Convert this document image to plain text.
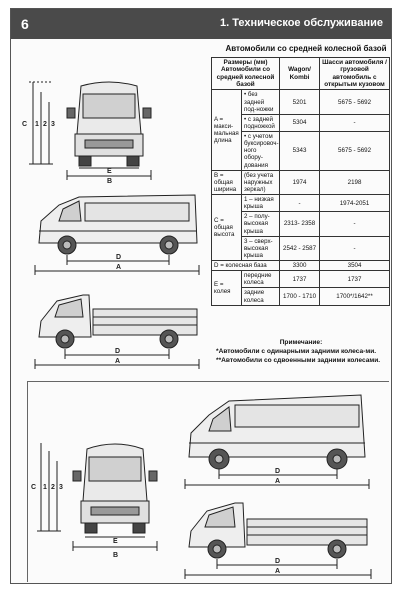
6	1. Техническое обслуживание
C 1 2 3
E
B
D
A
D
A
Автомобили со средней колесной базой
Размеры (мм) Автомобили со средней колесной базой		Wagon/ Kombi	Шасси автомобиля / грузовой автомобиль с открытым кузовом
A = макси-мальная длина	• без задней под-ножки	5201	5675 - 5692
	• с задней подножкой	5304	-
	• с учетом буксировоч-ного обору-дования	5343	5675 - 5692
B = общая ширина	(без учета наружных зеркал)	1974	2198
C = общая высота	1 – низкая крыша	-	1974-2051
	2 – полу-высокая крыша	2313- 2358	-
	3 – сверх-высокая крыша	2542 - 2587	-
D = колесная база		3300	3504
E = колея	передние колеса	1737	1737
	задние колеса	1700 - 1710	1700*/1642**
Примечание:
*Автомобили с одинарными задними колеса-ми.
**Автомобили со сдвоенными задними колесами.
D
A
C 1 2 3
E
B
D
A
